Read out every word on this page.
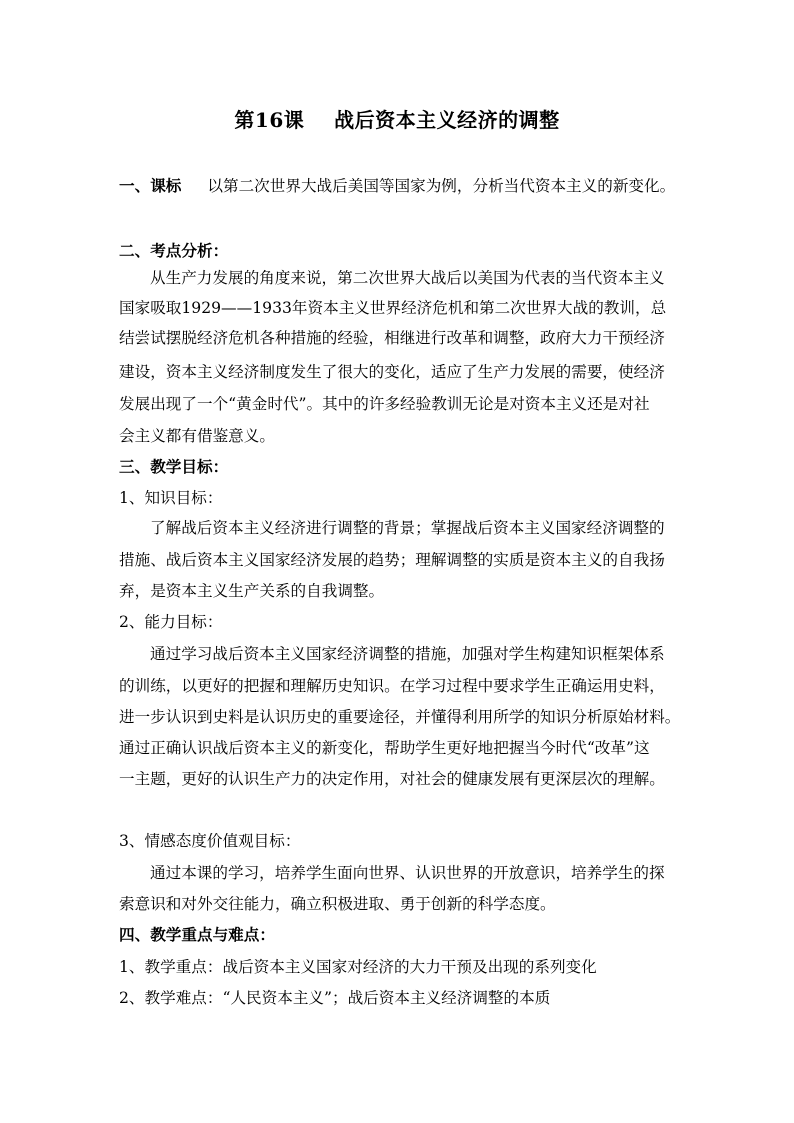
第16课    战后资本主义经济的调整
一、课标 以第二次世界大战后美国等国家为例，分析当代资本主义的新变化。
二、考点分析：
从生产力发展的角度来说，第二次世界大战后以美国为代表的当代资本主义
国家吸取1929——1933年资本主义世界经济危机和第二次世界大战的教训，总
结尝试摆脱经济危机各种措施的经验，相继进行改革和调整，政府大力干预经济
建设，资本主义经济制度发生了很大的变化，适应了生产力发展的需要，使经济
发展出现了一个“黄金时代”。其中的许多经验教训无论是对资本主义还是对社
会主义都有借鉴意义。
三、教学目标：
1、知识目标：
了解战后资本主义经济进行调整的背景；掌握战后资本主义国家经济调整的
措施、战后资本主义国家经济发展的趋势；理解调整的实质是资本主义的自我扬
弃，是资本主义生产关系的自我调整。
2、能力目标：
通过学习战后资本主义国家经济调整的措施，加强对学生构建知识框架体系
的训练，以更好的把握和理解历史知识。在学习过程中要求学生正确运用史料，
进一步认识到史料是认识历史的重要途径，并懂得利用所学的知识分析原始材料。
通过正确认识战后资本主义的新变化，帮助学生更好地把握当今时代“改革”这
一主题，更好的认识生产力的决定作用，对社会的健康发展有更深层次的理解。
3、情感态度价值观目标：
通过本课的学习，培养学生面向世界、认识世界的开放意识，培养学生的探
索意识和对外交往能力，确立积极进取、勇于创新的科学态度。
四、教学重点与难点：
1、教学重点：战后资本主义国家对经济的大力干预及出现的系列变化
2、教学难点：“人民资本主义”；战后资本主义经济调整的本质
